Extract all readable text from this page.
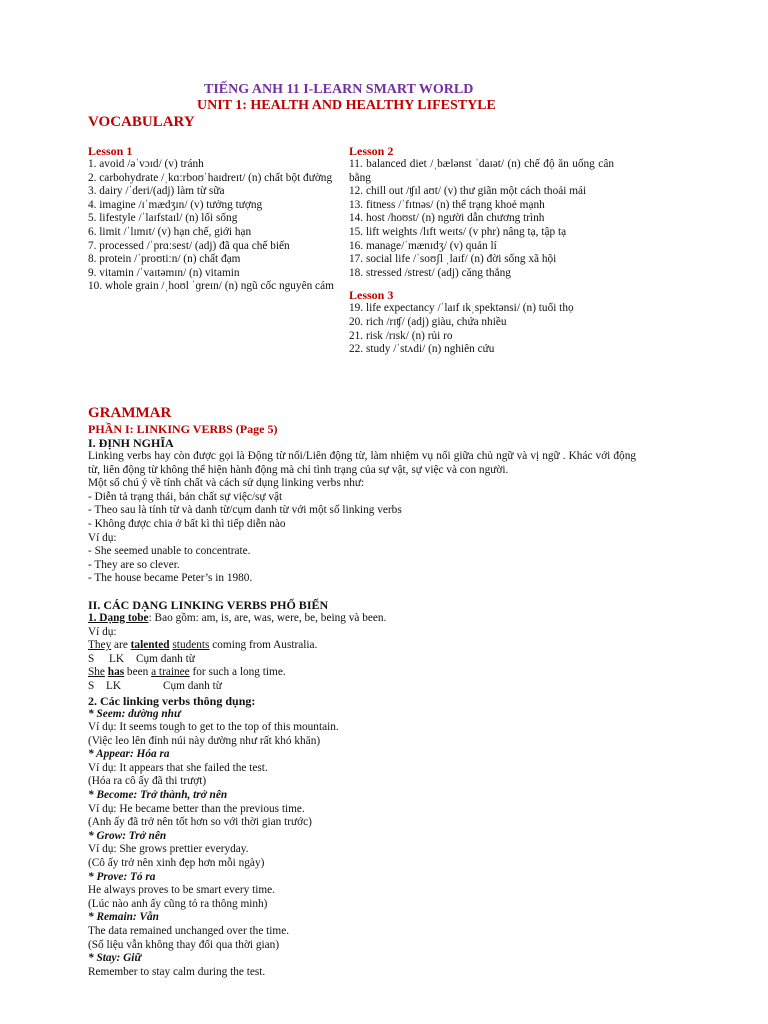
TIẾNG ANH 11 I-LEARN SMART WORLD
UNIT 1: HEALTH AND HEALTHY LIFESTYLE
VOCABULARY
Lesson 1
1. avoid /əˈvɔɪd/ (v) tránh
2. carbohydrate /ˌkɑːrboʊˈhaɪdreɪt/ (n) chất bột đường
3. dairy /ˈderi/(adj) làm từ sữa
4. imagine /ɪˈmædʒɪn/ (v) tưởng tượng
5. lifestyle /ˈlaɪfstaɪl/ (n) lối sống
6. limit /ˈlɪmɪt/ (v) hạn chế, giới hạn
7. processed /ˈprɑːsest/ (adj) đã qua chế biến
8. protein /ˈproʊtiːn/ (n) chất đạm
9. vitamin /ˈvaɪtəmɪn/ (n) vitamin
10. whole grain /ˌhoʊl ˈɡreɪn/ (n) ngũ cốc nguyên cám
Lesson 2
11. balanced diet /ˌbælənst ˈdaɪət/ (n) chế độ ăn uống cân bằng
12. chill out /ʧɪl aʊt/ (v) thư giãn một cách thoải mái
13. fitness /ˈfɪtnəs/ (n) thể trạng khoẻ mạnh
14. host /hoʊst/ (n) người dẫn chương trình
15. lift weights /lɪft weɪts/ (v phr) nâng tạ, tập tạ
16. manage/ˈmænɪdʒ/ (v) quản lí
17. social life /ˈsoʊʃl ˌlaɪf/ (n) đời sống xã hội
18. stressed /strest/ (adj) căng thẳng
Lesson 3
19. life expectancy /ˈlaɪf ɪkˌspektənsi/ (n) tuổi thọ
20. rich /rɪʧ/ (adj) giàu, chứa nhiều
21. risk /rɪsk/ (n) rủi ro
22. study /ˈstʌdi/ (n) nghiên cứu
GRAMMAR
PHẦN I: LINKING VERBS (Page 5)
I. ĐỊNH NGHĨA

Linking verbs hay còn được gọi là Động từ nối/Liên động từ, làm nhiệm vụ nối giữa chủ ngữ và vị ngữ . Khác với động từ, liên động từ không thể hiện hành động mà chỉ tình trạng của sự vật, sự việc và con người.

Một số chú ý về tính chất và cách sử dụng linking verbs như:

- Diễn tả trạng thái, bản chất sự việc/sự vật

- Theo sau là tính từ và danh từ/cụm danh từ với một số linking verbs

- Không được chia ở bất kì thì tiếp diễn nào

Ví dụ:

- She seemed unable to concentrate.

- They are so clever.

- The house became Peter’s in 1980.

II. CÁC DẠNG LINKING VERBS PHỔ BIẾN

1. Dạng tobe: Bao gồm: am, is, are, was, were, be, being và been.

Ví dụ:

They are talented students coming from Australia.

S LK Cụm danh từ

She has been a trainee for such a long time.

S LK	Cụm danh từ

2. Các linking verbs thông dụng:

* Seem: dường như

Ví dụ: It seems tough to get to the top of this mountain.

(Việc leo lên đỉnh núi này dường như rất khó khăn)

* Appear: Hóa ra

Ví dụ: It appears that she failed the test.

(Hóa ra cô ấy đã thi trượt)

* Become: Trở thành, trở nên

Ví dụ: He became better than the previous time.

(Anh ấy đã trở nên tốt hơn so với thời gian trước)

* Grow: Trở nên

Ví dụ: She grows prettier everyday.

(Cô ấy trở nên xinh đẹp hơn mỗi ngày)

* Prove: Tỏ ra

He always proves to be smart every time.

(Lúc nào anh ấy cũng tỏ ra thông minh)

* Remain: Vẫn

The data remained unchanged over the time.

(Số liệu vẫn không thay đổi qua thời gian)

* Stay: Giữ

Remember to stay calm during the test.
